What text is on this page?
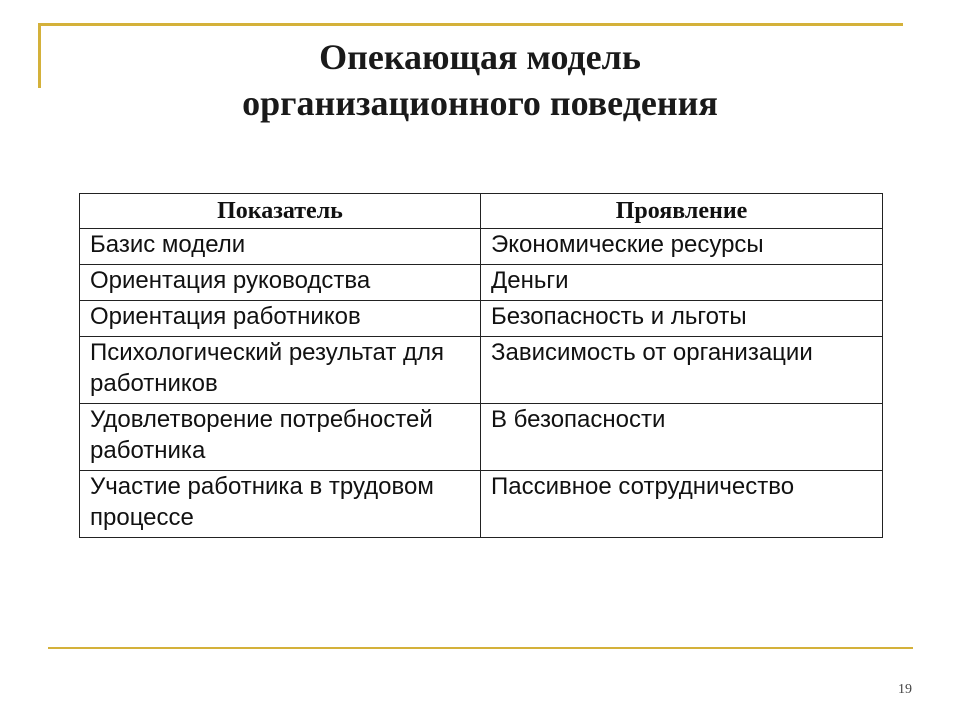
Опекающая модель
организационного поведения
Показатель	Проявление
Базис модели	Экономические ресурсы
Ориентация руководства	Деньги
Ориентация работников	Безопасность и льготы
Психологический результат для работников	Зависимость от организации
Удовлетворение потребностей работника	В безопасности
Участие работника в трудовом процессе	Пассивное сотрудничество
19
